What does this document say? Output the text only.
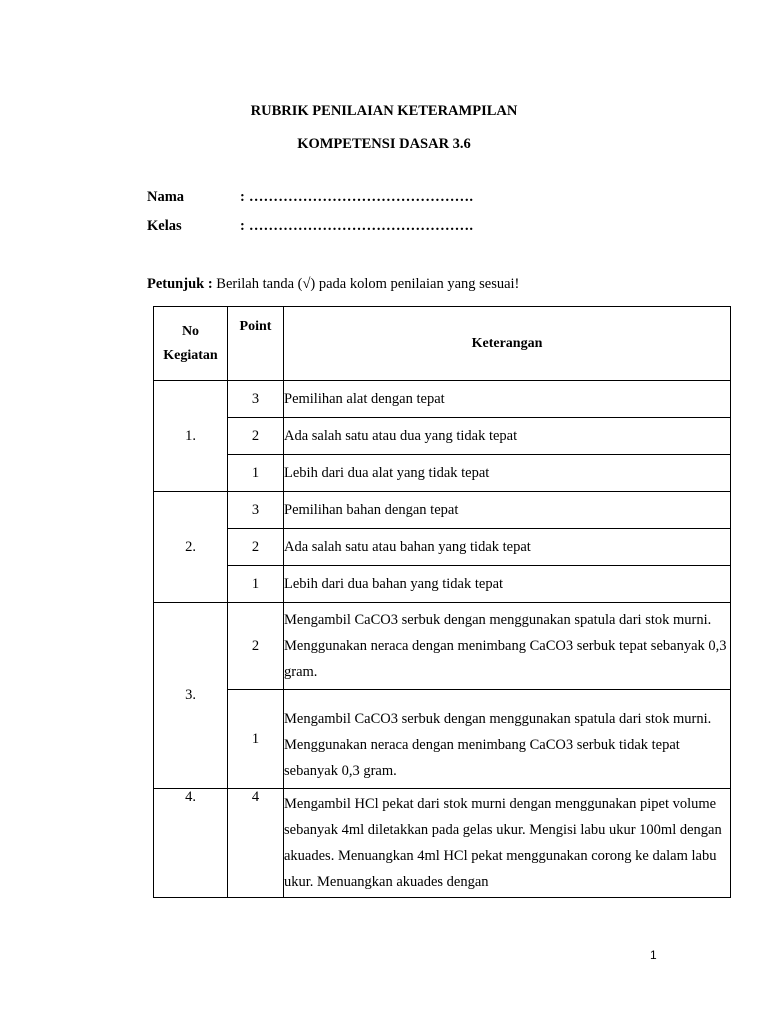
RUBRIK PENILAIAN KETERAMPILAN
KOMPETENSI DASAR 3.6
Nama	: ……………………………………….
Kelas	: ……………………………………….
Petunjuk : Berilah tanda (√) pada kolom penilaian yang sesuai!
No
Kegiatan	Point	Keterangan
1.	3	Pemilihan alat dengan tepat
	2	Ada salah satu atau dua yang tidak tepat
	1	Lebih dari dua alat yang tidak tepat
2.	3	Pemilihan bahan dengan tepat
	2	Ada salah satu atau bahan yang tidak tepat
	1	Lebih dari dua bahan yang tidak tepat
3.	2	Mengambil CaCO3 serbuk dengan menggunakan spatula dari stok murni. Menggunakan neraca dengan menimbang CaCO3 serbuk tepat sebanyak 0,3 gram.
	1	Mengambil CaCO3 serbuk dengan menggunakan spatula dari stok murni. Menggunakan neraca dengan menimbang CaCO3 serbuk tidak tepat sebanyak 0,3 gram.
4.	4	Mengambil HCl pekat dari stok murni dengan menggunakan pipet volume sebanyak 4ml diletakkan pada gelas ukur. Mengisi labu ukur 100ml dengan akuades. Menuangkan 4ml HCl pekat menggunakan corong ke dalam labu ukur. Menuangkan akuades dengan
1
